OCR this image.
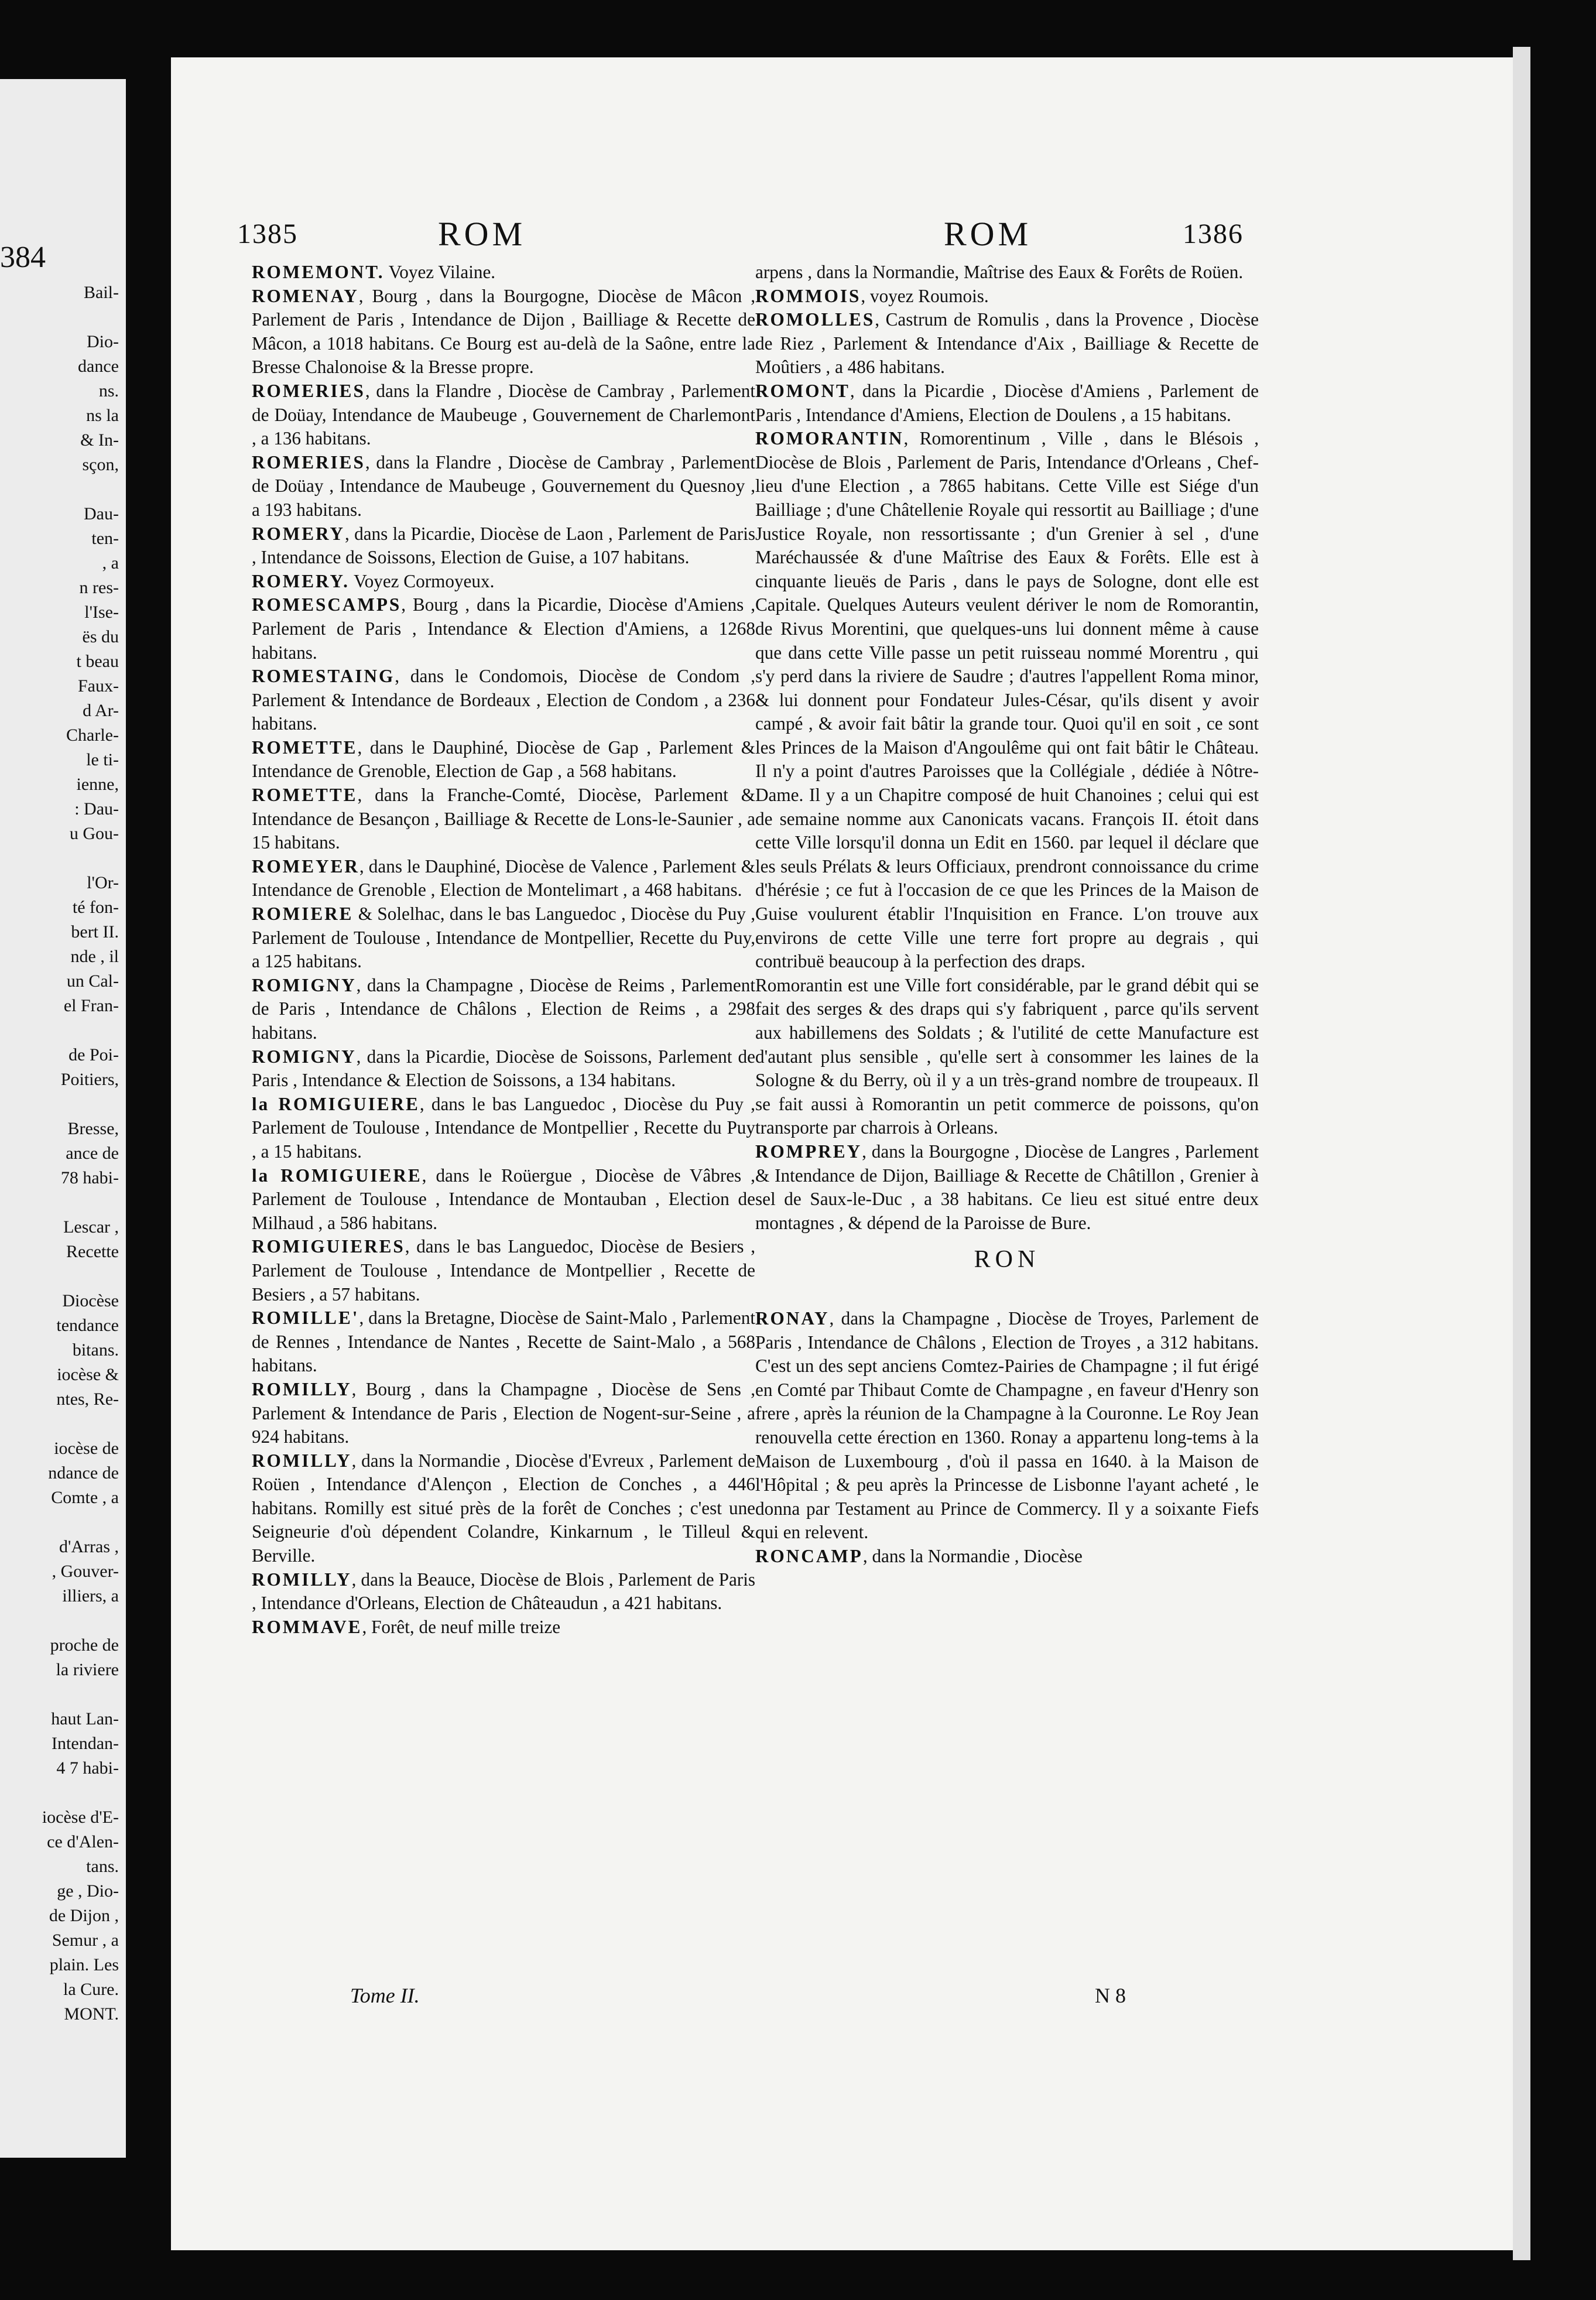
384
Bail-
Dio-
dance
ns.
ns la
& In-
sçon,
Dau-
ten-
, a
n res-
l'Ise-
ës du
t beau
Faux-
d Ar-
Charle-
le ti-
ienne,
: Dau-
u Gou-
l'Or-
té fon-
bert II.
nde , il
un Cal-
el Fran-
de Poi-
Poitiers,
Bresse,
ance de
78 habi-
Lescar ,
Recette
Diocèse
tendance
bitans.
iocèse &
ntes, Re-
iocèse de
ndance de
Comte , a
d'Arras ,
, Gouver-
illiers, a
proche de
la riviere
haut Lan-
Intendan-
4 7 habi-
iocèse d'E-
ce d'Alen-
tans.
ge , Dio-
de Dijon ,
Semur , a
plain. Les
la Cure.
MONT.
1385	ROM	ROM	1386

ROMEMONT. Voyez Vilaine.

ROMENAY, Bourg , dans la Bourgogne, Diocèse de Mâcon , Parlement de Paris , Intendance de Dijon , Bailliage & Recette de Mâcon, a 1018 habitans. Ce Bourg est au-delà de la Saône, entre la Bresse Chalonoise & la Bresse propre.

ROMERIES, dans la Flandre , Diocèse de Cambray , Parlement de Doüay, Intendance de Maubeuge , Gouvernement de Charlemont , a 136 habitans.

ROMERIES, dans la Flandre , Diocèse de Cambray , Parlement de Doüay , Intendance de Maubeuge , Gouvernement du Quesnoy , a 193 habitans.

ROMERY, dans la Picardie, Diocèse de Laon , Parlement de Paris , Intendance de Soissons, Election de Guise, a 107 habitans.

ROMERY. Voyez Cormoyeux.

ROMESCAMPS, Bourg , dans la Picardie, Diocèse d'Amiens , Parlement de Paris , Intendance & Election d'Amiens, a 1268 habitans.

ROMESTAING, dans le Condomois, Diocèse de Condom , Parlement & Intendance de Bordeaux , Election de Condom , a 236 habitans.

ROMETTE, dans le Dauphiné, Diocèse de Gap , Parlement & Intendance de Grenoble, Election de Gap , a 568 habitans.

ROMETTE, dans la Franche-Comté, Diocèse, Parlement & Intendance de Besançon , Bailliage & Recette de Lons-le-Saunier , a 15 habitans.

ROMEYER, dans le Dauphiné, Diocèse de Valence , Parlement & Intendance de Grenoble , Election de Montelimart , a 468 habitans.

ROMIERE & Solelhac, dans le bas Languedoc , Diocèse du Puy , Parlement de Toulouse , Intendance de Montpellier, Recette du Puy, a 125 habitans.

ROMIGNY, dans la Champagne , Diocèse de Reims , Parlement de Paris , Intendance de Châlons , Election de Reims , a 298 habitans.

ROMIGNY, dans la Picardie, Diocèse de Soissons, Parlement de Paris , Intendance & Election de Soissons, a 134 habitans.

la ROMIGUIERE, dans le bas Languedoc , Diocèse du Puy , Parlement de Toulouse , Intendance de Montpellier , Recette du Puy , a 15 habitans.

la ROMIGUIERE, dans le Roüergue , Diocèse de Vâbres , Parlement de Toulouse , Intendance de Montauban , Election de Milhaud , a 586 habitans.

ROMIGUIERES, dans le bas Languedoc, Diocèse de Besiers , Parlement de Toulouse , Intendance de Montpellier , Recette de Besiers , a 57 habitans.

ROMILLE', dans la Bretagne, Diocèse de Saint-Malo , Parlement de Rennes , Intendance de Nantes , Recette de Saint-Malo , a 568 habitans.

ROMILLY, Bourg , dans la Champagne , Diocèse de Sens , Parlement & Intendance de Paris , Election de Nogent-sur-Seine , a 924 habitans.

ROMILLY, dans la Normandie , Diocèse d'Evreux , Parlement de Roüen , Intendance d'Alençon , Election de Conches , a 446 habitans. Romilly est situé près de la forêt de Conches ; c'est une Seigneurie d'où dépendent Colandre, Kinkarnum , le Tilleul & Berville.

ROMILLY, dans la Beauce, Diocèse de Blois , Parlement de Paris , Intendance d'Orleans, Election de Châteaudun , a 421 habitans.

ROMMAVE, Forêt, de neuf mille treize

arpens , dans la Normandie, Maîtrise des Eaux & Forêts de Roüen.

ROMMOIS, voyez Roumois.

ROMOLLES, Castrum de Romulis , dans la Provence , Diocèse de Riez , Parlement & Intendance d'Aix , Bailliage & Recette de Moûtiers , a 486 habitans.

ROMONT, dans la Picardie , Diocèse d'Amiens , Parlement de Paris , Intendance d'Amiens, Election de Doulens , a 15 habitans.

ROMORANTIN, Romorentinum , Ville , dans le Blésois , Diocèse de Blois , Parlement de Paris, Intendance d'Orleans , Chef-lieu d'une Election , a 7865 habitans. Cette Ville est Siége d'un Bailliage ; d'une Châtellenie Royale qui ressortit au Bailliage ; d'une Justice Royale, non ressortissante ; d'un Grenier à sel , d'une Maréchaussée & d'une Maîtrise des Eaux & Forêts. Elle est à cinquante lieuës de Paris , dans le pays de Sologne, dont elle est Capitale. Quelques Auteurs veulent dériver le nom de Romorantin, de Rivus Morentini, que quelques-uns lui donnent même à cause que dans cette Ville passe un petit ruisseau nommé Morentru , qui s'y perd dans la riviere de Saudre ; d'autres l'appellent Roma minor, & lui donnent pour Fondateur Jules-César, qu'ils disent y avoir campé , & avoir fait bâtir la grande tour. Quoi qu'il en soit , ce sont les Princes de la Maison d'Angoulême qui ont fait bâtir le Château. Il n'y a point d'autres Paroisses que la Collégiale , dédiée à Nôtre-Dame. Il y a un Chapitre composé de huit Chanoines ; celui qui est de semaine nomme aux Canonicats vacans. François II. étoit dans cette Ville lorsqu'il donna un Edit en 1560. par lequel il déclare que les seuls Prélats & leurs Officiaux, prendront connoissance du crime d'hérésie ; ce fut à l'occasion de ce que les Princes de la Maison de Guise voulurent établir l'Inquisition en France. L'on trouve aux environs de cette Ville une terre fort propre au degrais , qui contribuë beaucoup à la perfection des draps.

Romorantin est une Ville fort considérable, par le grand débit qui se fait des serges & des draps qui s'y fabriquent , parce qu'ils servent aux habillemens des Soldats ; & l'utilité de cette Manufacture est d'autant plus sensible , qu'elle sert à consommer les laines de la Sologne & du Berry, où il y a un très-grand nombre de troupeaux. Il se fait aussi à Romorantin un petit commerce de poissons, qu'on transporte par charrois à Orleans.

ROMPREY, dans la Bourgogne , Diocèse de Langres , Parlement & Intendance de Dijon, Bailliage & Recette de Châtillon , Grenier à sel de Saux-le-Duc , a 38 habitans. Ce lieu est situé entre deux montagnes , & dépend de la Paroisse de Bure.

RON

RONAY, dans la Champagne , Diocèse de Troyes, Parlement de Paris , Intendance de Châlons , Election de Troyes , a 312 habitans. C'est un des sept anciens Comtez-Pairies de Champagne ; il fut érigé en Comté par Thibaut Comte de Champagne , en faveur d'Henry son frere , après la réunion de la Champagne à la Couronne. Le Roy Jean renouvella cette érection en 1360. Ronay a appartenu long-tems à la Maison de Luxembourg , d'où il passa en 1640. à la Maison de l'Hôpital ; & peu après la Princesse de Lisbonne l'ayant acheté , le donna par Testament au Prince de Commercy. Il y a soixante Fiefs qui en relevent.

RONCAMP, dans la Normandie , Diocèse

Tome II.	N 8
